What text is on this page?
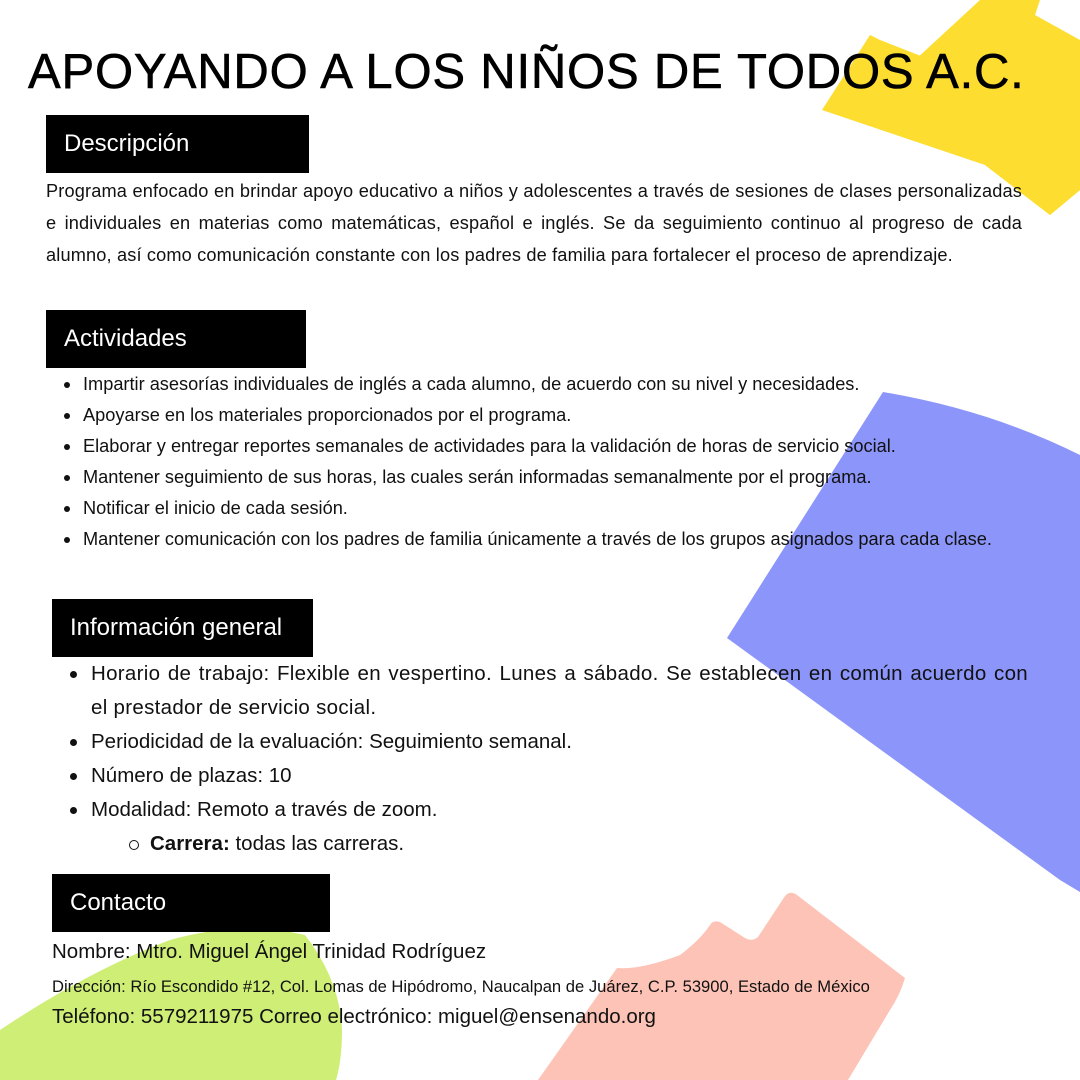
APOYANDO A LOS NIÑOS DE TODOS A.C.
Descripción

Programa enfocado en brindar apoyo educativo a niños y adolescentes a través de sesiones de clases personalizadas e individuales en materias como matemáticas, español e inglés. Se da seguimiento continuo al progreso de cada alumno, así como comunicación constante con los padres de familia para fortalecer el proceso de aprendizaje.

Actividades
Impartir asesorías individuales de inglés a cada alumno, de acuerdo con su nivel y necesidades.
Apoyarse en los materiales proporcionados por el programa.
Elaborar y entregar reportes semanales de actividades para la validación de horas de servicio social.
Mantener seguimiento de sus horas, las cuales serán informadas semanalmente por el programa.
Notificar el inicio de cada sesión.
Mantener comunicación con los padres de familia únicamente a través de los grupos asignados para cada clase.
Información general
Horario de trabajo: Flexible en vespertino. Lunes a sábado. Se establecen en común acuerdo con el prestador de servicio social.
Periodicidad de la evaluación: Seguimiento semanal.
Número de plazas: 10
Modalidad: Remoto a través de zoom.
Carrera: todas las carreras.
Contacto
Nombre: Mtro. Miguel Ángel Trinidad Rodríguez
Dirección: Río Escondido #12, Col. Lomas de Hipódromo, Naucalpan de Juárez, C.P. 53900, Estado de México
Teléfono: 5579211975 Correo electrónico: miguel@ensenando.org
